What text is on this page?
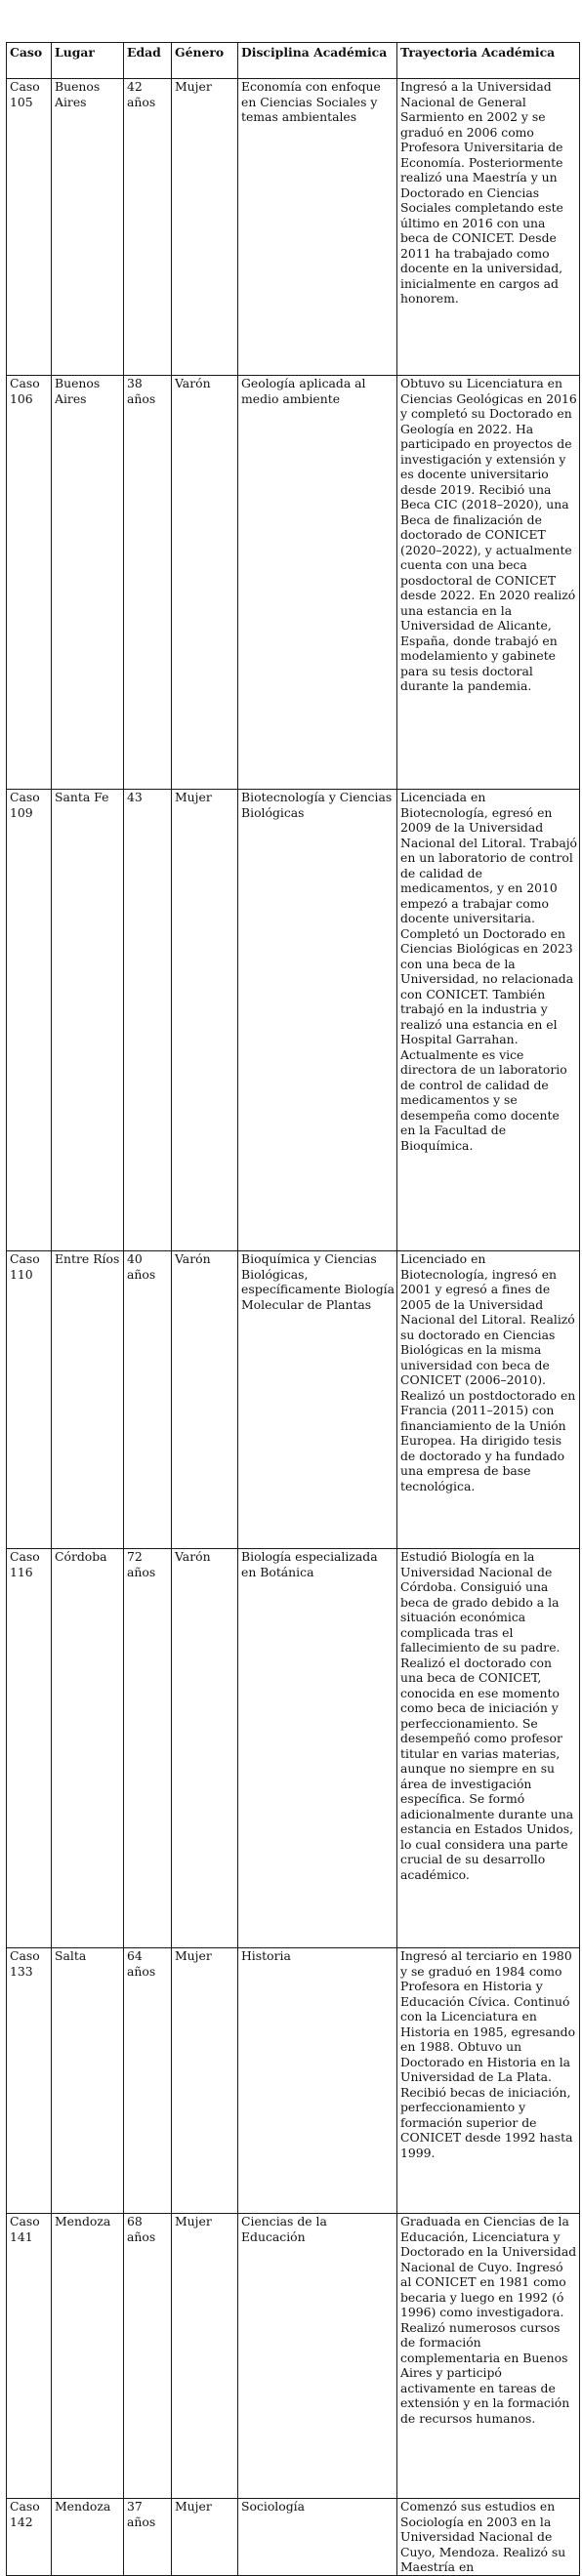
Caso	Lugar	Edad	Género	Disciplina Académica	Trayectoria Académica
Caso 105	Buenos Aires	42 años	Mujer	Economía con enfoque en Ciencias Sociales y temas ambientales	Ingresó a la Universidad Nacional de General Sarmiento en 2002 y se graduó en 2006 como Profesora Universitaria de Economía. Posteriormente realizó una Maestría y un Doctorado en Ciencias Sociales completando este último en 2016 con una beca de CONICET. Desde 2011 ha trabajado como docente en la universidad, inicialmente en cargos ad honorem.
Caso 106	Buenos Aires	38 años	Varón	Geología aplicada al medio ambiente	Obtuvo su Licenciatura en Ciencias Geológicas en 2016 y completó su Doctorado en Geología en 2022. Ha participado en proyectos de investigación y extensión y es docente universitario desde 2019. Recibió una Beca CIC (2018–2020), una Beca de finalización de doctorado de CONICET (2020–2022), y actualmente cuenta con una beca posdoctoral de CONICET desde 2022. En 2020 realizó una estancia en la Universidad de Alicante, España, donde trabajó en modelamiento y gabinete para su tesis doctoral durante la pandemia.
Caso 109	Santa Fe	43	Mujer	Biotecnología y Ciencias Biológicas	Licenciada en Biotecnología, egresó en 2009 de la Universidad Nacional del Litoral. Trabajó en un laboratorio de control de calidad de medicamentos, y en 2010 empezó a trabajar como docente universitaria. Completó un Doctorado en Ciencias Biológicas en 2023 con una beca de la Universidad, no relacionada con CONICET. También trabajó en la industria y realizó una estancia en el Hospital Garrahan. Actualmente es vice directora de un laboratorio de control de calidad de medicamentos y se desempeña como docente en la Facultad de Bioquímica.
Caso 110	Entre Ríos	40 años	Varón	Bioquímica y Ciencias Biológicas, específicamente Biología Molecular de Plantas	Licenciado en Biotecnología, ingresó en 2001 y egresó a fines de 2005 de la Universidad Nacional del Litoral. Realizó su doctorado en Ciencias Biológicas en la misma universidad con beca de CONICET (2006–2010). Realizó un postdoctorado en Francia (2011–2015) con financiamiento de la Unión Europea. Ha dirigido tesis de doctorado y ha fundado una empresa de base tecnológica.
Caso 116	Córdoba	72 años	Varón	Biología especializada en Botánica	Estudió Biología en la Universidad Nacional de Córdoba. Consiguió una beca de grado debido a la situación económica complicada tras el fallecimiento de su padre. Realizó el doctorado con una beca de CONICET, conocida en ese momento como beca de iniciación y perfeccionamiento. Se desempeñó como profesor titular en varias materias, aunque no siempre en su área de investigación específica. Se formó adicionalmente durante una estancia en Estados Unidos, lo cual considera una parte crucial de su desarrollo académico.
Caso 133	Salta	64 años	Mujer	Historia	Ingresó al terciario en 1980 y se graduó en 1984 como Profesora en Historia y Educación Cívica. Continuó con la Licenciatura en Historia en 1985, egresando en 1988. Obtuvo un Doctorado en Historia en la Universidad de La Plata. Recibió becas de iniciación, perfeccionamiento y formación superior de CONICET desde 1992 hasta 1999.
Caso 141	Mendoza	68 años	Mujer	Ciencias de la Educación	Graduada en Ciencias de la Educación, Licenciatura y Doctorado en la Universidad Nacional de Cuyo. Ingresó al CONICET en 1981 como becaria y luego en 1992 (ó 1996) como investigadora. Realizó numerosos cursos de formación complementaria en Buenos Aires y participó activamente en tareas de extensión y en la formación de recursos humanos.
Caso 142	Mendoza	37 años	Mujer	Sociología	Comenzó sus estudios en Sociología en 2003 en la Universidad Nacional de Cuyo, Mendoza. Realizó su Maestría en
